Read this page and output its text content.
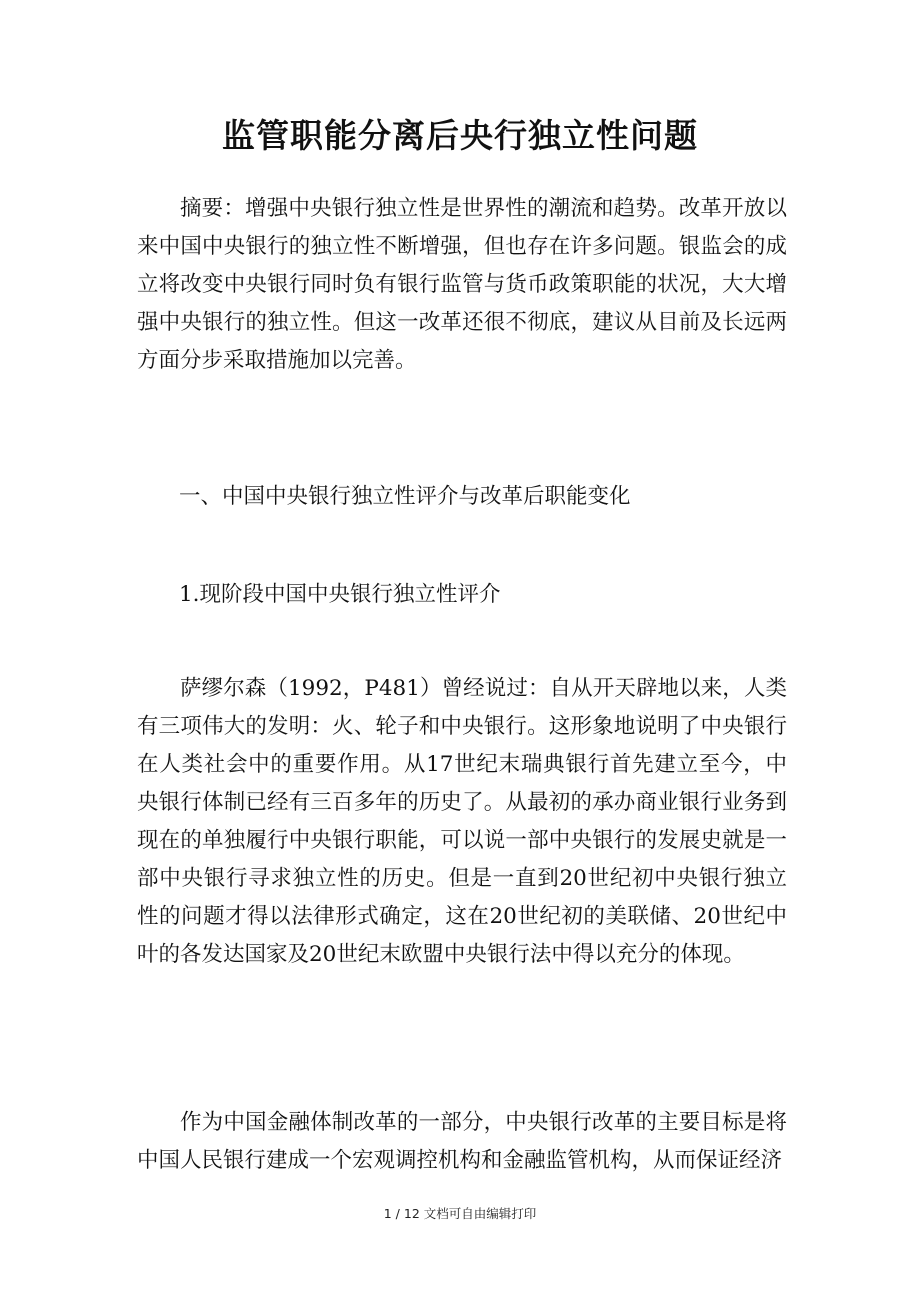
监管职能分离后央行独立性问题

摘要：增强中央银行独立性是世界性的潮流和趋势。改革开放以来中国中央银行的独立性不断增强，但也存在许多问题。银监会的成立将改变中央银行同时负有银行监管与货币政策职能的状况，大大增强中央银行的独立性。但这一改革还很不彻底，建议从目前及长远两方面分步采取措施加以完善。

一、中国中央银行独立性评介与改革后职能变化

1.现阶段中国中央银行独立性评介

萨缪尔森（1992，P481）曾经说过：自从开天辟地以来，人类有三项伟大的发明：火、轮子和中央银行。这形象地说明了中央银行在人类社会中的重要作用。从17世纪末瑞典银行首先建立至今，中央银行体制已经有三百多年的历史了。从最初的承办商业银行业务到现在的单独履行中央银行职能，可以说一部中央银行的发展史就是一部中央银行寻求独立性的历史。但是一直到20世纪初中央银行独立性的问题才得以法律形式确定，这在20世纪初的美联储、20世纪中叶的各发达国家及20世纪末欧盟中央银行法中得以充分的体现。

作为中国金融体制改革的一部分，中央银行改革的主要目标是将中国人民银行建成一个宏观调控机构和金融监管机构，从而保证经济

1 / 12 文档可自由编辑打印
